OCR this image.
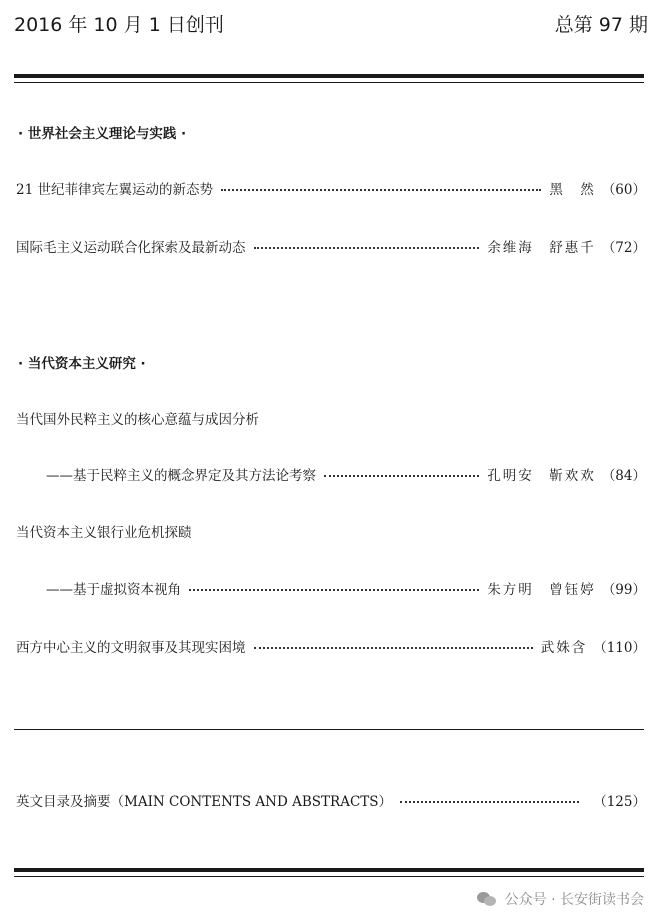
2016 年 10 月 1 日创刊	总第 97 期
· 世界社会主义理论与实践 ·
21 世纪菲律宾左翼运动的新态势	黑　然 （60）
国际毛主义运动联合化探索及最新动态	余维海　舒惠千 （72）
· 当代资本主义研究 ·
当代国外民粹主义的核心意蕴与成因分析
——基于民粹主义的概念界定及其方法论考察	孔明安　靳欢欢 （84）
当代资本主义银行业危机探赜
——基于虚拟资本视角	朱方明　曾钰婷 （99）
西方中心主义的文明叙事及其现实困境	武姝含 （110）
英文目录及摘要（MAIN CONTENTS AND ABSTRACTS）	（125）
公众号 · 长安街读书会
